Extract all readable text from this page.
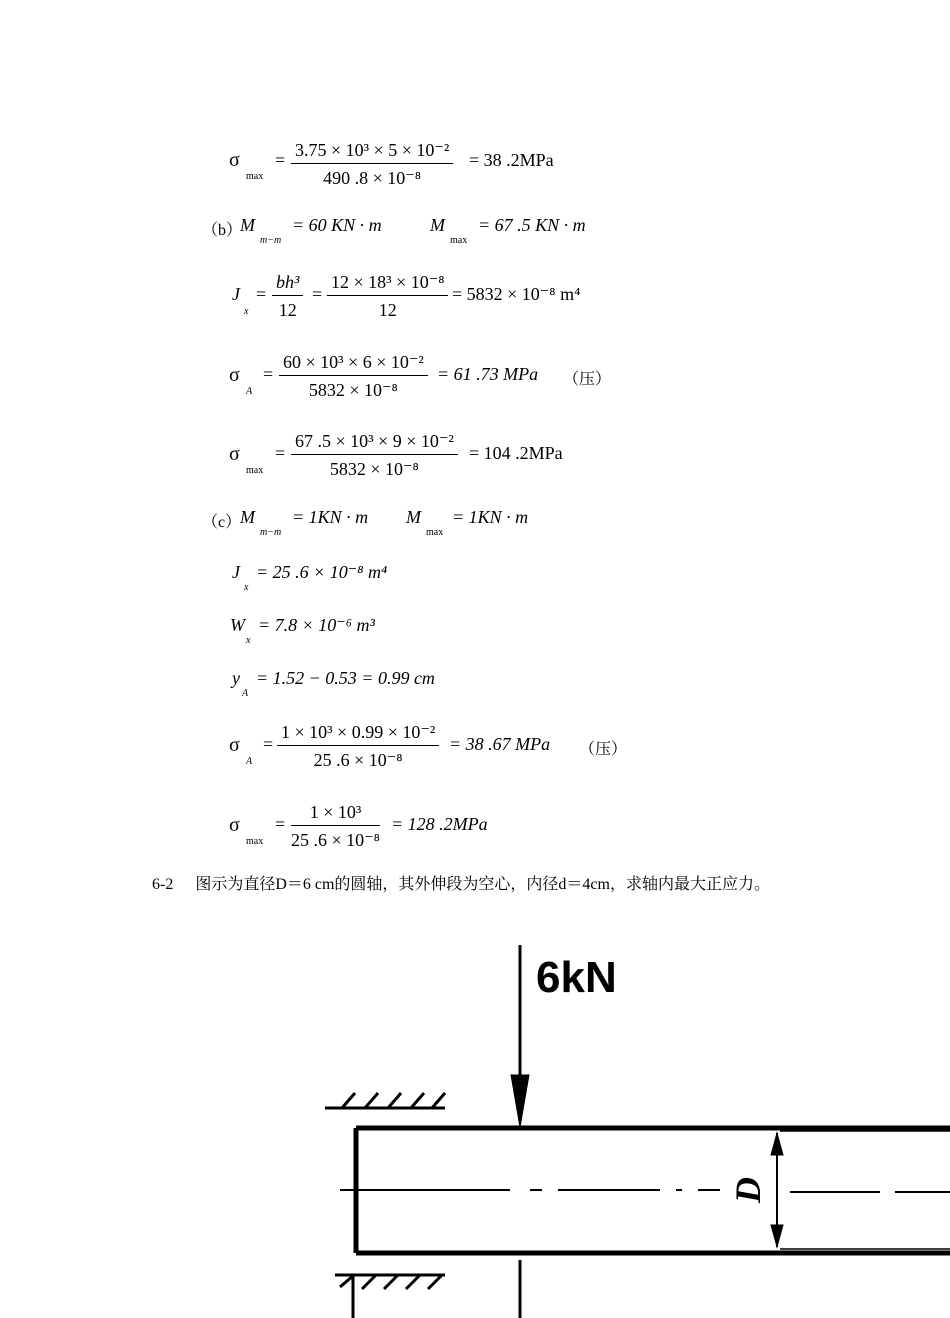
σ
max
= $\frac{\text{3.75 × 10³ × 5 × 10⁻²}}{\text{490 .8 × 10⁻⁸}} = 38$ .2MPa
（b）
M
m−m
= 60 KN · m	M
max
= 67 .5 KN · m
J
x
= $\frac{\text{bh³}}{12} = \frac{\text{12 × 18³ × 10⁻⁸}}{12} = 5832 \times 10^{-8}$ m⁴
σ
A
= $\frac{\text{60 × 10³ × 6 × 10⁻²}}{\text{5832 × 10⁻⁸}} = 61$ .73 MPa （压）
σ
max
= $\frac{\text{67 .5 × 10³ × 9 × 10⁻²}}{\text{5832 × 10⁻⁸}} = 104$ .2MPa
（c）
M
m−m
= 1KN · m M
max
= 1KN · m
J
x
= 25 .6 × 10⁻⁸ m⁴
W
x
= 7.8 × 10⁻⁶ m³
y
A
= 1.52 − 0.53 = 0.99 cm
σ
A
= $\frac{\text{1 × 10³ × 0.99 × 10⁻²}}{\text{25 .6 × 10⁻⁸}} = 38$ .67 MPa （压）
σ
max
= $\frac{\text{1 × 10³}}{\text{25 .6 × 10⁻⁸}} = 128$ .2MPa
6-2 图示为直径D＝6 cm的圆轴，其外伸段为空心，内径d＝4cm，求轴内最大正应力。
D
6kN
